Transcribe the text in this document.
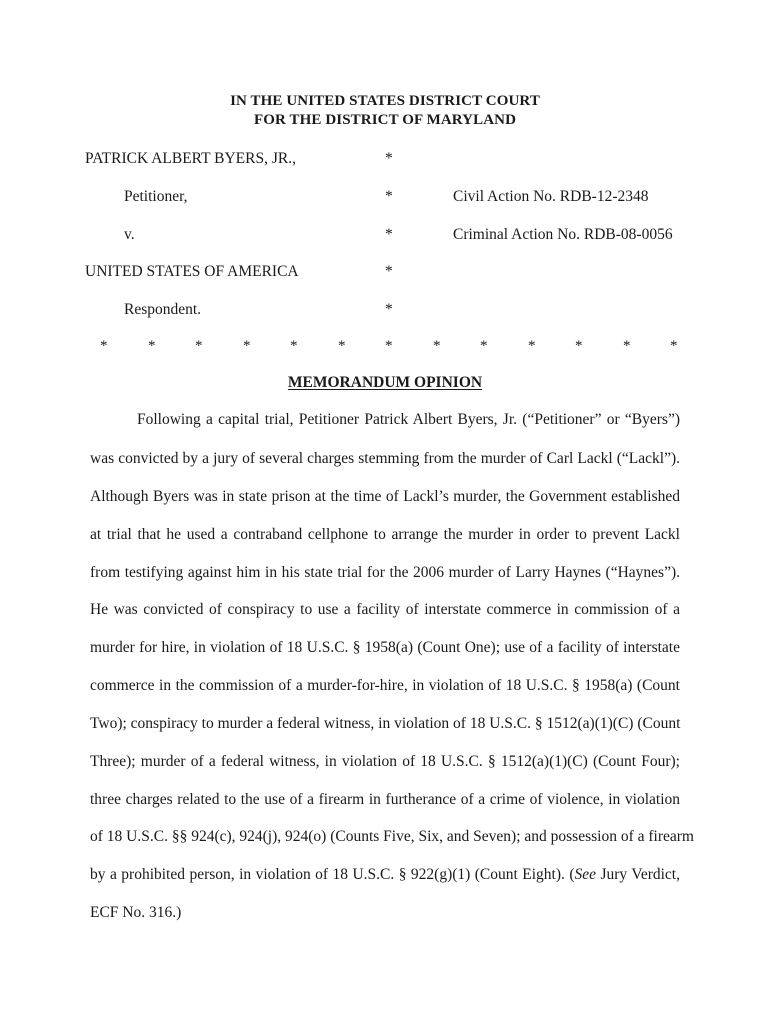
IN THE UNITED STATES DISTRICT COURT
FOR THE DISTRICT OF MARYLAND
PATRICK ALBERT BYERS, JR.,	*
Petitioner,	*	Civil Action No. RDB-12-2348
v.	*	Criminal Action No. RDB-08-0056
UNITED STATES OF AMERICA	*
Respondent.	*
*	*	*	*	*	*	*	*	*	*	*	*	*
MEMORANDUM OPINION
Following a capital trial, Petitioner Patrick Albert Byers, Jr. (“Petitioner” or “Byers”)
was convicted by a jury of several charges stemming from the murder of Carl Lackl (“Lackl”).
Although Byers was in state prison at the time of Lackl’s murder, the Government established
at trial that he used a contraband cellphone to arrange the murder in order to prevent Lackl
from testifying against him in his state trial for the 2006 murder of Larry Haynes (“Haynes”).
He was convicted of conspiracy to use a facility of interstate commerce in commission of a
murder for hire, in violation of 18 U.S.C. § 1958(a) (Count One); use of a facility of interstate
commerce in the commission of a murder-for-hire, in violation of 18 U.S.C. § 1958(a) (Count
Two); conspiracy to murder a federal witness, in violation of 18 U.S.C. § 1512(a)(1)(C) (Count
Three); murder of a federal witness, in violation of 18 U.S.C. § 1512(a)(1)(C) (Count Four);
three charges related to the use of a firearm in furtherance of a crime of violence, in violation
of 18 U.S.C. §§ 924(c), 924(j), 924(o) (Counts Five, Six, and Seven); and possession of a firearm
by a prohibited person, in violation of 18 U.S.C. § 922(g)(1) (Count Eight). (See Jury Verdict,
ECF No. 316.)
